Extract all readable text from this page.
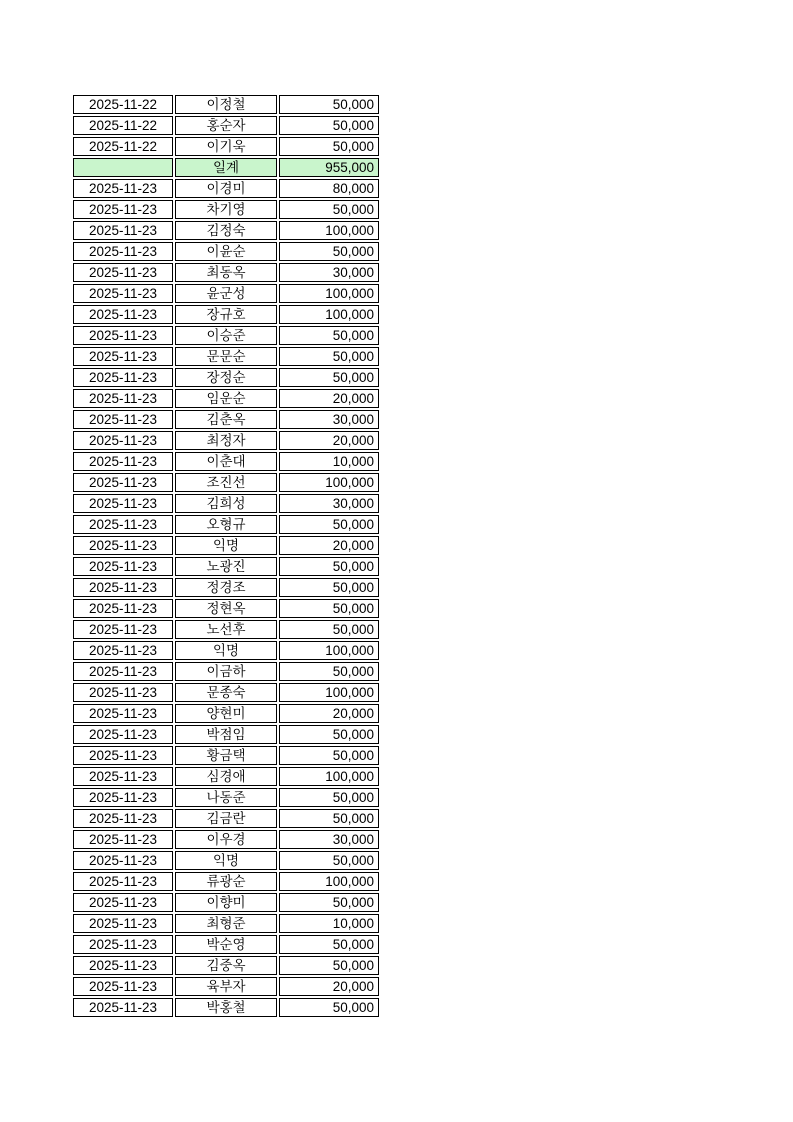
2025-11-22	이정철	50,000
2025-11-22	홍순자	50,000
2025-11-22	이기욱	50,000
	일계	955,000
2025-11-23	이경미	80,000
2025-11-23	차기영	50,000
2025-11-23	김정숙	100,000
2025-11-23	이윤순	50,000
2025-11-23	최동옥	30,000
2025-11-23	윤군성	100,000
2025-11-23	장규호	100,000
2025-11-23	이승준	50,000
2025-11-23	문문순	50,000
2025-11-23	장정순	50,000
2025-11-23	임운순	20,000
2025-11-23	김춘옥	30,000
2025-11-23	최정자	20,000
2025-11-23	이춘대	10,000
2025-11-23	조진선	100,000
2025-11-23	김희성	30,000
2025-11-23	오형규	50,000
2025-11-23	익명	20,000
2025-11-23	노광진	50,000
2025-11-23	정경조	50,000
2025-11-23	정현옥	50,000
2025-11-23	노선후	50,000
2025-11-23	익명	100,000
2025-11-23	이금하	50,000
2025-11-23	문종숙	100,000
2025-11-23	양현미	20,000
2025-11-23	박점임	50,000
2025-11-23	황금택	50,000
2025-11-23	심경애	100,000
2025-11-23	나동준	50,000
2025-11-23	김금란	50,000
2025-11-23	이우경	30,000
2025-11-23	익명	50,000
2025-11-23	류광순	100,000
2025-11-23	이향미	50,000
2025-11-23	최형준	10,000
2025-11-23	박순영	50,000
2025-11-23	김중옥	50,000
2025-11-23	육부자	20,000
2025-11-23	박홍철	50,000
